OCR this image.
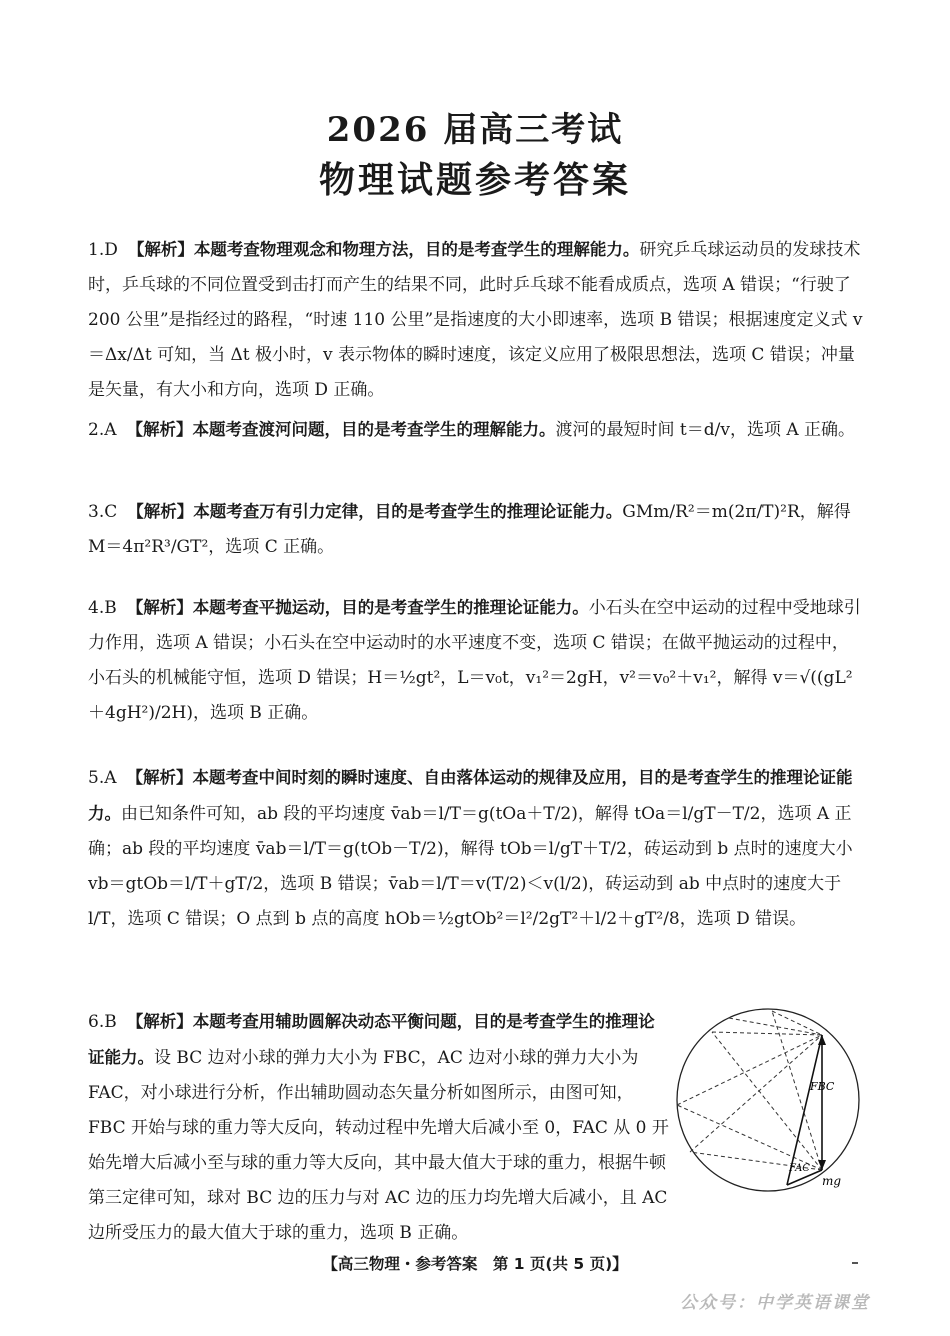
2026 届高三考试
物理试题参考答案
1.D 【解析】本题考查物理观念和物理方法，目的是考查学生的理解能力。研究乒乓球运动员的发球技术时，乒乓球的不同位置受到击打而产生的结果不同，此时乒乓球不能看成质点，选项 A 错误；“行驶了 200 公里”是指经过的路程，“时速 110 公里”是指速度的大小即速率，选项 B 错误；根据速度定义式 v＝Δx/Δt 可知，当 Δt 极小时，v 表示物体的瞬时速度，该定义应用了极限思想法，选项 C 错误；冲量是矢量，有大小和方向，选项 D 正确。
2.A 【解析】本题考查渡河问题，目的是考查学生的理解能力。渡河的最短时间 t＝d/v，选项 A 正确。
3.C 【解析】本题考查万有引力定律，目的是考查学生的推理论证能力。GMm/R²＝m(2π/T)²R，解得 M＝4π²R³/GT²，选项 C 正确。
4.B 【解析】本题考查平抛运动，目的是考查学生的推理论证能力。小石头在空中运动的过程中受地球引力作用，选项 A 错误；小石头在空中运动时的水平速度不变，选项 C 错误；在做平抛运动的过程中，小石头的机械能守恒，选项 D 错误；H＝½gt²，L＝v₀t，v₁²＝2gH，v²＝v₀²＋v₁²，解得 v＝√((gL²＋4gH²)/2H)，选项 B 正确。
5.A 【解析】本题考查中间时刻的瞬时速度、自由落体运动的规律及应用，目的是考查学生的推理论证能力。由已知条件可知，ab 段的平均速度 v̄ab＝l/T＝g(tOa＋T/2)，解得 tOa＝l/gT－T/2，选项 A 正确；ab 段的平均速度 v̄ab＝l/T＝g(tOb－T/2)，解得 tOb＝l/gT＋T/2，砖运动到 b 点时的速度大小 vb＝gtOb＝l/T＋gT/2，选项 B 错误；v̄ab＝l/T＝v(T/2)＜v(l/2)，砖运动到 ab 中点时的速度大于 l/T，选项 C 错误；O 点到 b 点的高度 hOb＝½gtOb²＝l²/2gT²＋l/2＋gT²/8，选项 D 错误。
6.B 【解析】本题考查用辅助圆解决动态平衡问题，目的是考查学生的推理论证能力。设 BC 边对小球的弹力大小为 FBC，AC 边对小球的弹力大小为 FAC，对小球进行分析，作出辅助圆动态矢量分析如图所示，由图可知，FBC 开始与球的重力等大反向，转动过程中先增大后减小至 0，FAC 从 0 开始先增大后减小至与球的重力等大反向，其中最大值大于球的重力，根据牛顿第三定律可知，球对 BC 边的压力与对 AC 边的压力均先增大后减小，且 AC 边所受压力的最大值大于球的重力，选项 B 正确。
FBC
FAC
mg
【高三物理・参考答案　第 1 页(共 5 页)】
公众号：中学英语课堂
